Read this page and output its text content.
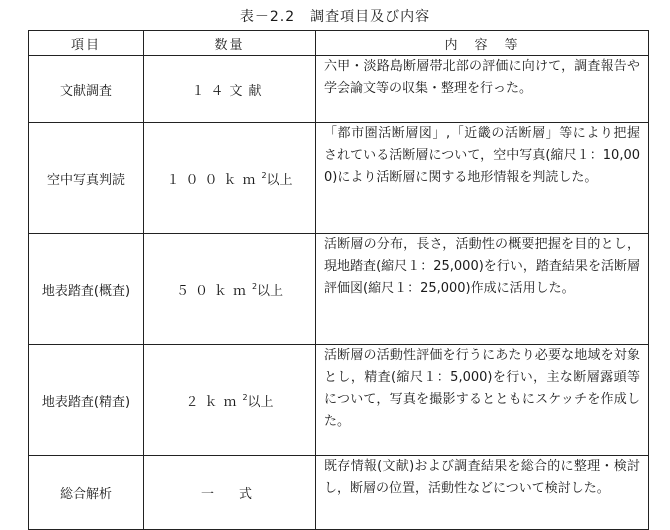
表－2.2　調査項目及び内容
項目	数量	内　容　等
文献調査	１４文献	六甲・淡路島断層帯北部の評価に向けて，調査報告や学会論文等の収集・整理を行った。
空中写真判読	１００ｋｍ$^2$以上	「都市圏活断層図」,「近畿の活断層」等により把握されている活断層について，空中写真(縮尺１：10,000)により活断層に関する地形情報を判読した。
地表踏査(概査)	５０ｋｍ$^2$以上	活断層の分布，長さ，活動性の概要把握を目的とし，現地踏査(縮尺１：25,000)を行い，踏査結果を活断層評価図(縮尺１：25,000)作成に活用した。
地表踏査(精査)	２ｋｍ$^2$以上	活断層の活動性評価を行うにあたり必要な地域を対象とし，精査(縮尺１：5,000)を行い，主な断層露頭等について，写真を撮影するとともにスケッチを作成した。
総合解析	一　式	既存情報(文献)および調査結果を総合的に整理・検討し，断層の位置，活動性などについて検討した。
